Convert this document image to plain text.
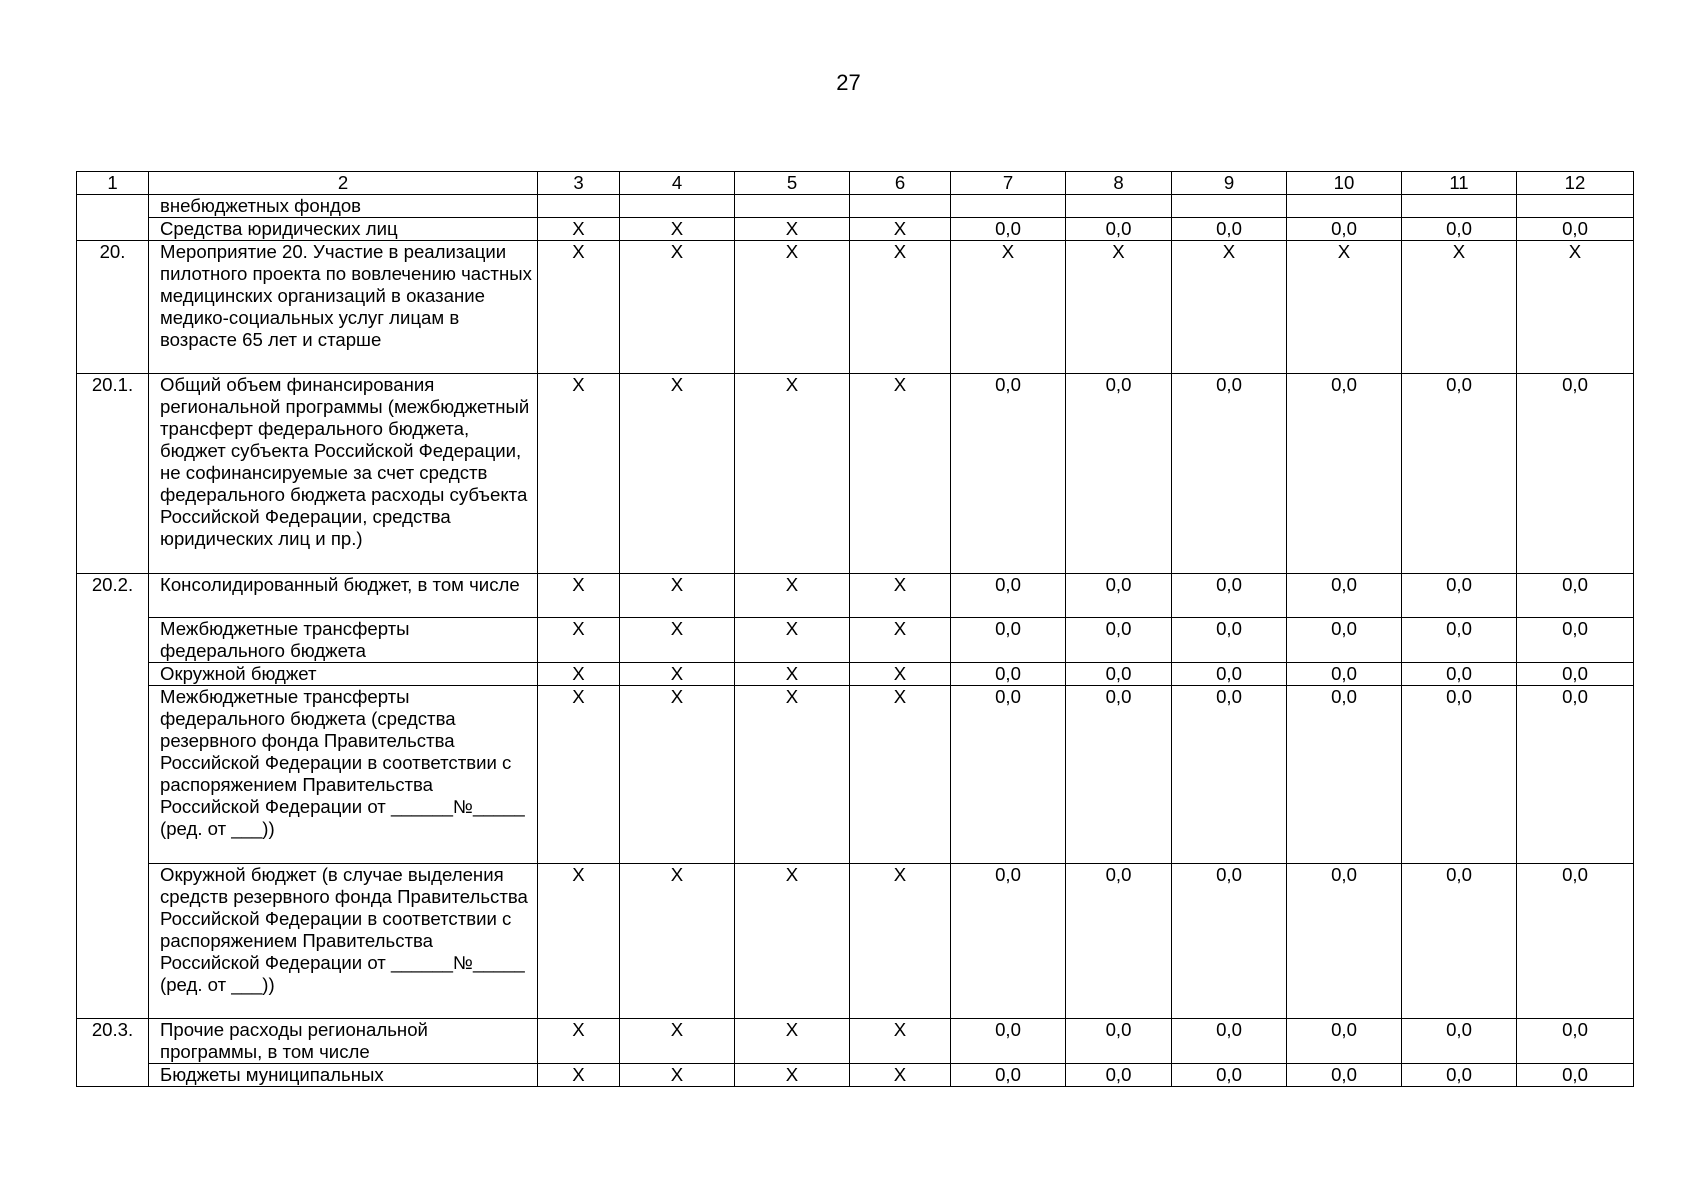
27
1	2	3	4	5	6	7	8	9	10	11	12
	внебюджетных фондов										
	Средства юридических лиц	Х	Х	Х	Х	0,0	0,0	0,0	0,0	0,0	0,0
20.	Мероприятие 20. Участие в реализации пилотного проекта по вовлечению частных медицинских организаций в оказание медико-социальных услуг лицам в возрасте 65 лет и старше	Х	Х	Х	Х	Х	Х	Х	Х	Х	Х
20.1.	Общий объем финансирования региональной программы (межбюджетный трансферт федерального бюджета, бюджет субъекта Российской Федерации, не софинансируемые за счет средств федерального бюджета расходы субъекта Российской Федерации, средства юридических лиц и пр.)	Х	Х	Х	Х	0,0	0,0	0,0	0,0	0,0	0,0
20.2.	Консолидированный бюджет, в том числе	Х	Х	Х	Х	0,0	0,0	0,0	0,0	0,0	0,0
	Межбюджетные трансферты федерального бюджета	Х	Х	Х	Х	0,0	0,0	0,0	0,0	0,0	0,0
	Окружной бюджет	Х	Х	Х	Х	0,0	0,0	0,0	0,0	0,0	0,0
	Межбюджетные трансферты федерального бюджета (средства резервного фонда Правительства Российской Федерации в соответствии с распоряжением Правительства Российской Федерации от ______№_____ (ред. от ___))	Х	Х	Х	Х	0,0	0,0	0,0	0,0	0,0	0,0
	Окружной бюджет (в случае выделения средств резервного фонда Правительства Российской Федерации в соответствии с распоряжением Правительства Российской Федерации от ______№_____ (ред. от ___))	Х	Х	Х	Х	0,0	0,0	0,0	0,0	0,0	0,0
20.3.	Прочие расходы региональной программы, в том числе	Х	Х	Х	Х	0,0	0,0	0,0	0,0	0,0	0,0
	Бюджеты муниципальных	Х	Х	Х	Х	0,0	0,0	0,0	0,0	0,0	0,0
